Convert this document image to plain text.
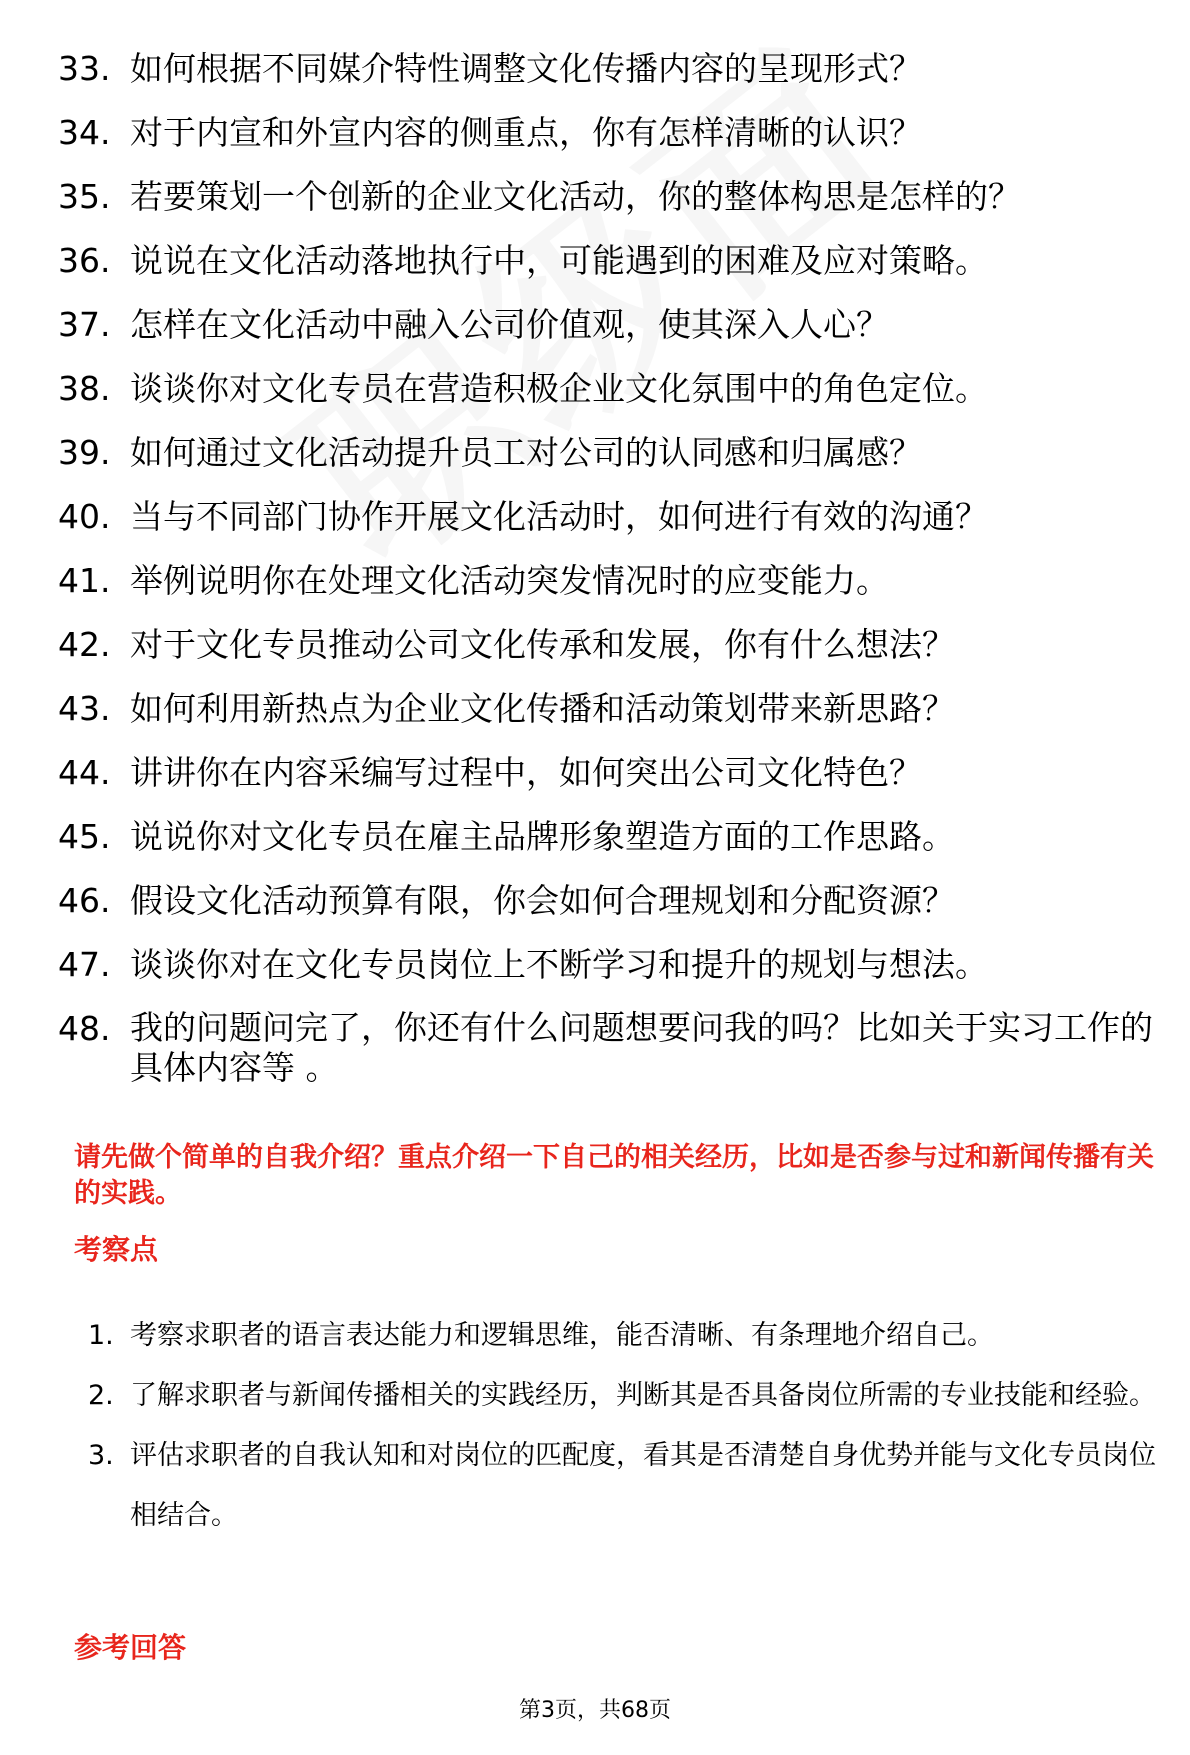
33. 如何根据不同媒介特性调整文化传播内容的呈现形式？
34. 对于内宣和外宣内容的侧重点，你有怎样清晰的认识？
35. 若要策划一个创新的企业文化活动，你的整体构思是怎样的？
36. 说说在文化活动落地执行中，可能遇到的困难及应对策略。
37. 怎样在文化活动中融入公司价值观，使其深入人心？
38. 谈谈你对文化专员在营造积极企业文化氛围中的角色定位。
39. 如何通过文化活动提升员工对公司的认同感和归属感？
40. 当与不同部门协作开展文化活动时，如何进行有效的沟通？
41. 举例说明你在处理文化活动突发情况时的应变能力。
42. 对于文化专员推动公司文化传承和发展，你有什么想法？
43. 如何利用新热点为企业文化传播和活动策划带来新思路？
44. 讲讲你在内容采编写过程中，如何突出公司文化特色？
45. 说说你对文化专员在雇主品牌形象塑造方面的工作思路。
46. 假设文化活动预算有限，你会如何合理规划和分配资源？
47. 谈谈你对在文化专员岗位上不断学习和提升的规划与想法。
48. 我的问题问完了，你还有什么问题想要问我的吗？比如关于实习工作的具体内容等 。

请先做个简单的自我介绍？重点介绍一下自己的相关经历，比如是否参与过和新闻传播有关的实践。

考察点
1. 考察求职者的语言表达能力和逻辑思维，能否清晰、有条理地介绍自己。
2. 了解求职者与新闻传播相关的实践经历，判断其是否具备岗位所需的专业技能和经验。
3. 评估求职者的自我认知和对岗位的匹配度，看其是否清楚自身优势并能与文化专员岗位相结合。
参考回答
第3页，共68页
